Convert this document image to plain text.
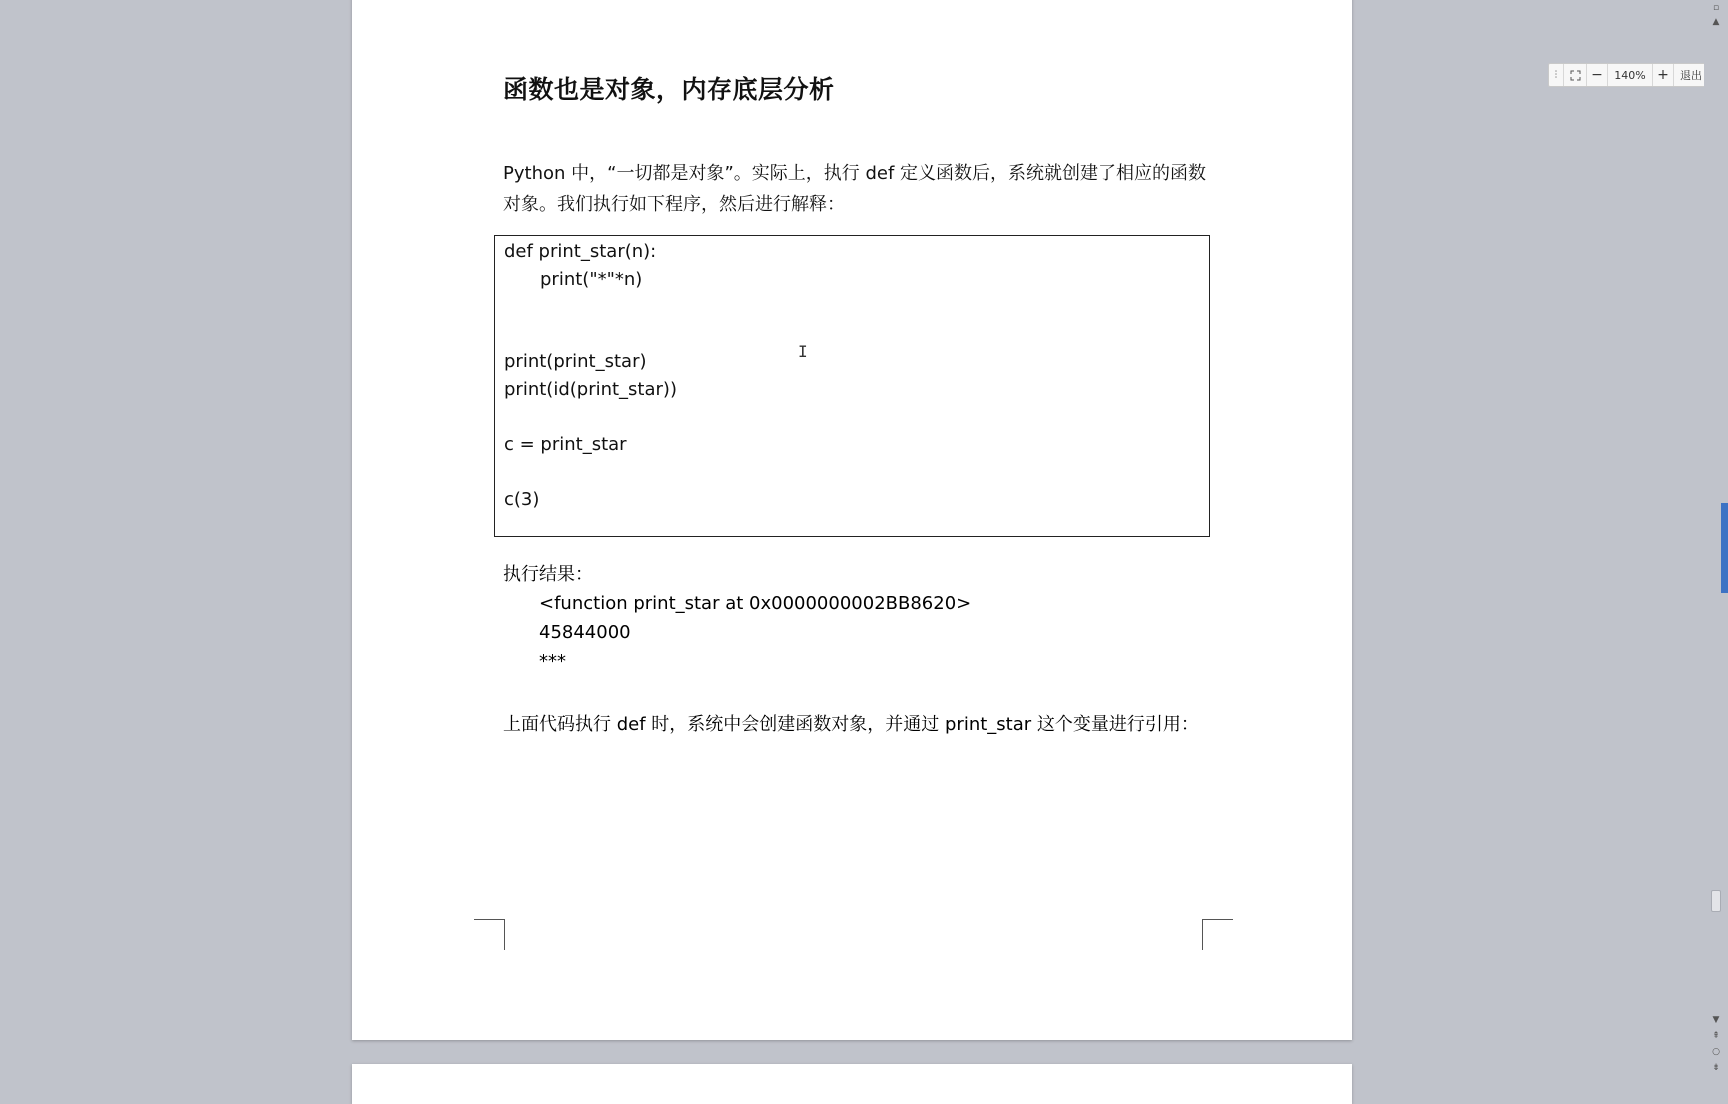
函数也是对象，内存底层分析

Python 中，“一切都是对象”。实际上，执行 def 定义函数后，系统就创建了相应的函数对象。我们执行如下程序，然后进行解释：

def print_star(n):
print("*"*n)
print(print_star)
print(id(print_star))
c = print_star
c(3)

执行结果：

<function print_star at 0x0000000002BB8620>
45844000
***

上面代码执行 def 时，系统中会创建函数对象，并通过 print_star 这个变量进行引用：

I
−	140% +	退出
▫
▲
▼
⇞
○
⇟
